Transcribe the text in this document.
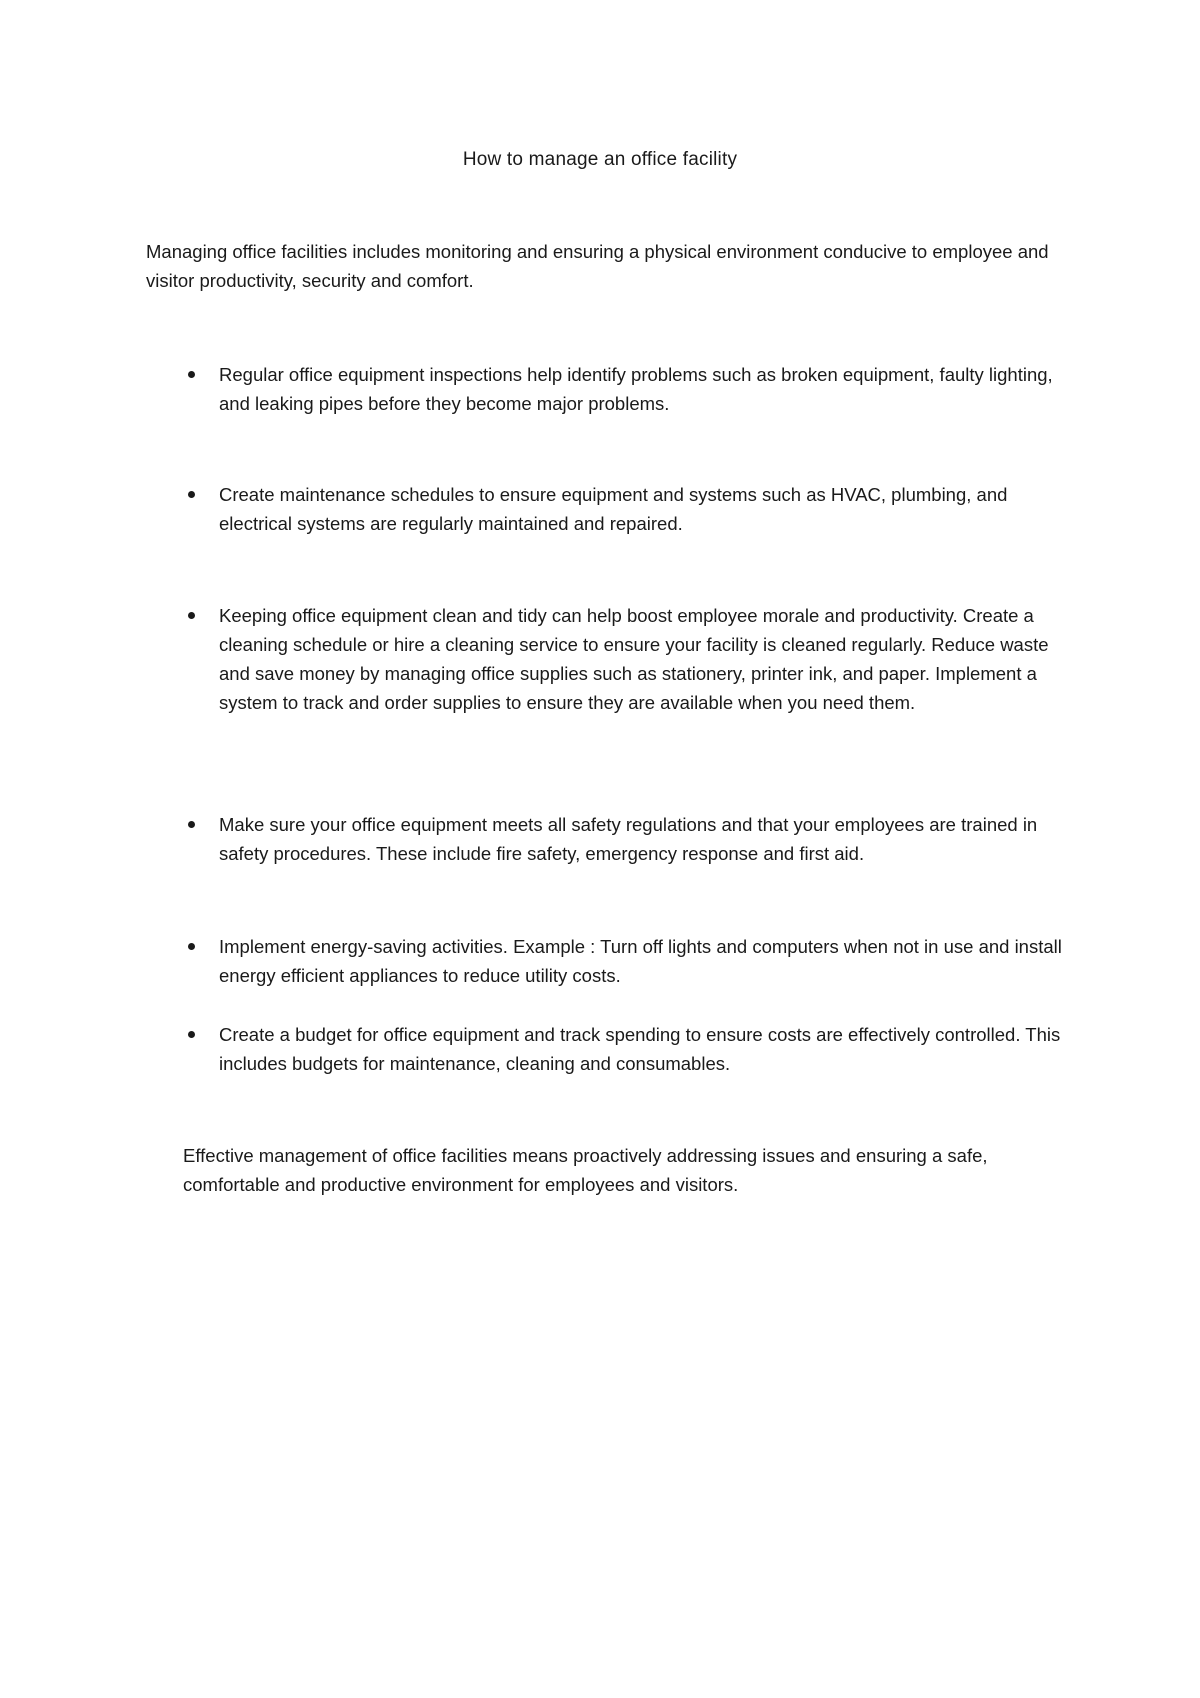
How to manage an office facility

Managing office facilities includes monitoring and ensuring a physical environment conducive to employee and visitor productivity, security and comfort.

Regular office equipment inspections help identify problems such as broken equipment, faulty lighting, and leaking pipes before they become major problems.
Create maintenance schedules to ensure equipment and systems such as HVAC, plumbing, and electrical systems are regularly maintained and repaired.
Keeping office equipment clean and tidy can help boost employee morale and productivity. Create a cleaning schedule or hire a cleaning service to ensure your facility is cleaned regularly. Reduce waste and save money by managing office supplies such as stationery, printer ink, and paper. Implement a system to track and order supplies to ensure they are available when you need them.
Make sure your office equipment meets all safety regulations and that your employees are trained in safety procedures. These include fire safety, emergency response and first aid.
Implement energy-saving activities. Example : Turn off lights and computers when not in use and install energy efficient appliances to reduce utility costs.
Create a budget for office equipment and track spending to ensure costs are effectively controlled. This includes budgets for maintenance, cleaning and consumables.

Effective management of office facilities means proactively addressing issues and ensuring a safe, comfortable and productive environment for employees and visitors.
